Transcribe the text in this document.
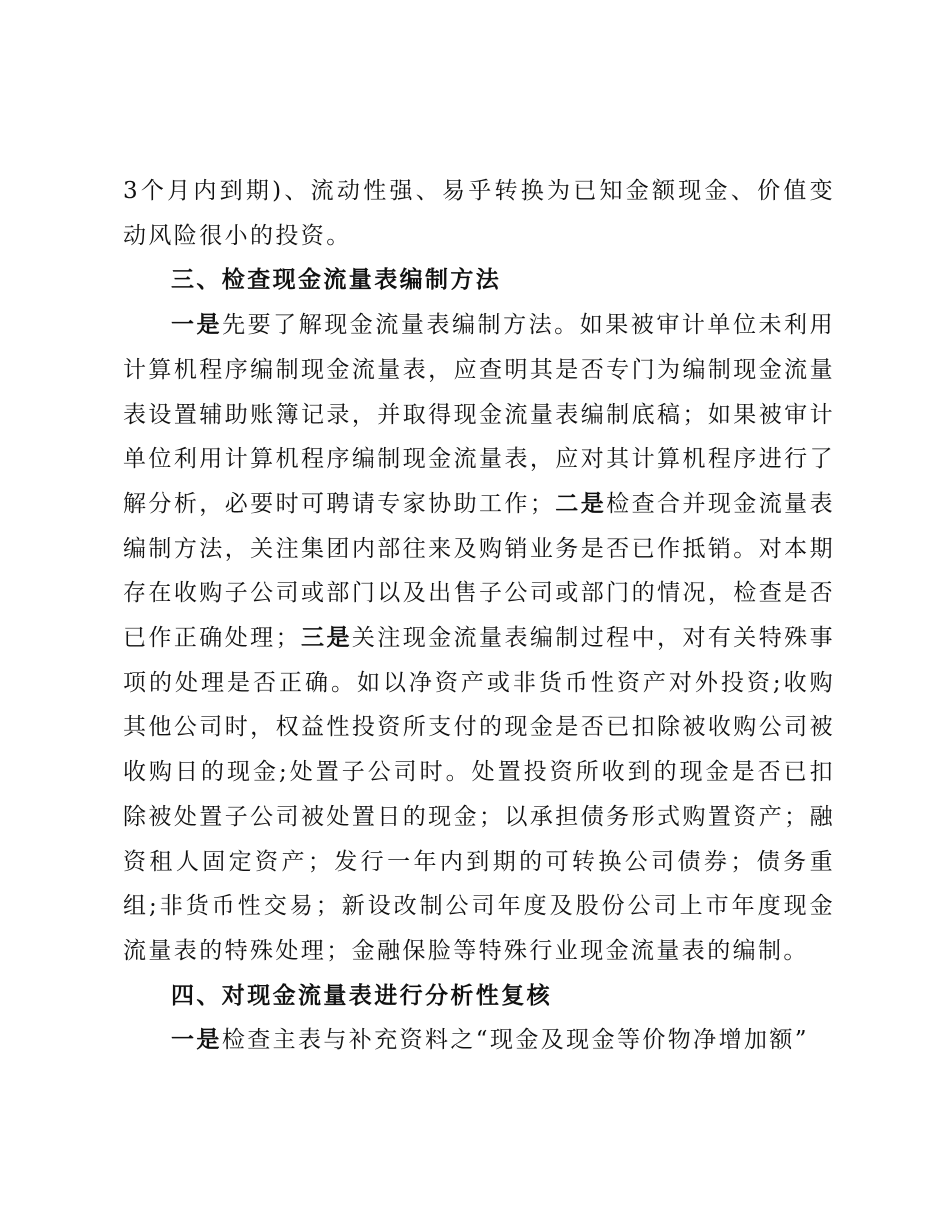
3个月内到期)、流动性强、易乎转换为已知金额现金、价值变动风险很小的投资。

三、检查现金流量表编制方法

一是先要了解现金流量表编制方法。如果被审计单位未利用计算机程序编制现金流量表，应查明其是否专门为编制现金流量表设置辅助账簿记录，并取得现金流量表编制底稿；如果被审计单位利用计算机程序编制现金流量表，应对其计算机程序进行了解分析，必要时可聘请专家协助工作；二是检查合并现金流量表编制方法，关注集团内部往来及购销业务是否已作抵销。对本期存在收购子公司或部门以及出售子公司或部门的情况，检查是否已作正确处理；三是关注现金流量表编制过程中，对有关特殊事项的处理是否正确。如以净资产或非货币性资产对外投资;收购其他公司时，权益性投资所支付的现金是否已扣除被收购公司被收购日的现金;处置子公司时。处置投资所收到的现金是否已扣除被处置子公司被处置日的现金；以承担债务形式购置资产；融资租人固定资产；发行一年内到期的可转换公司债券；债务重组;非货币性交易；新设改制公司年度及股份公司上市年度现金流量表的特殊处理；金融保脸等特殊行业现金流量表的编制。

四、对现金流量表进行分析性复核

一是检查主表与补充资料之“现金及现金等价物净增加额”
